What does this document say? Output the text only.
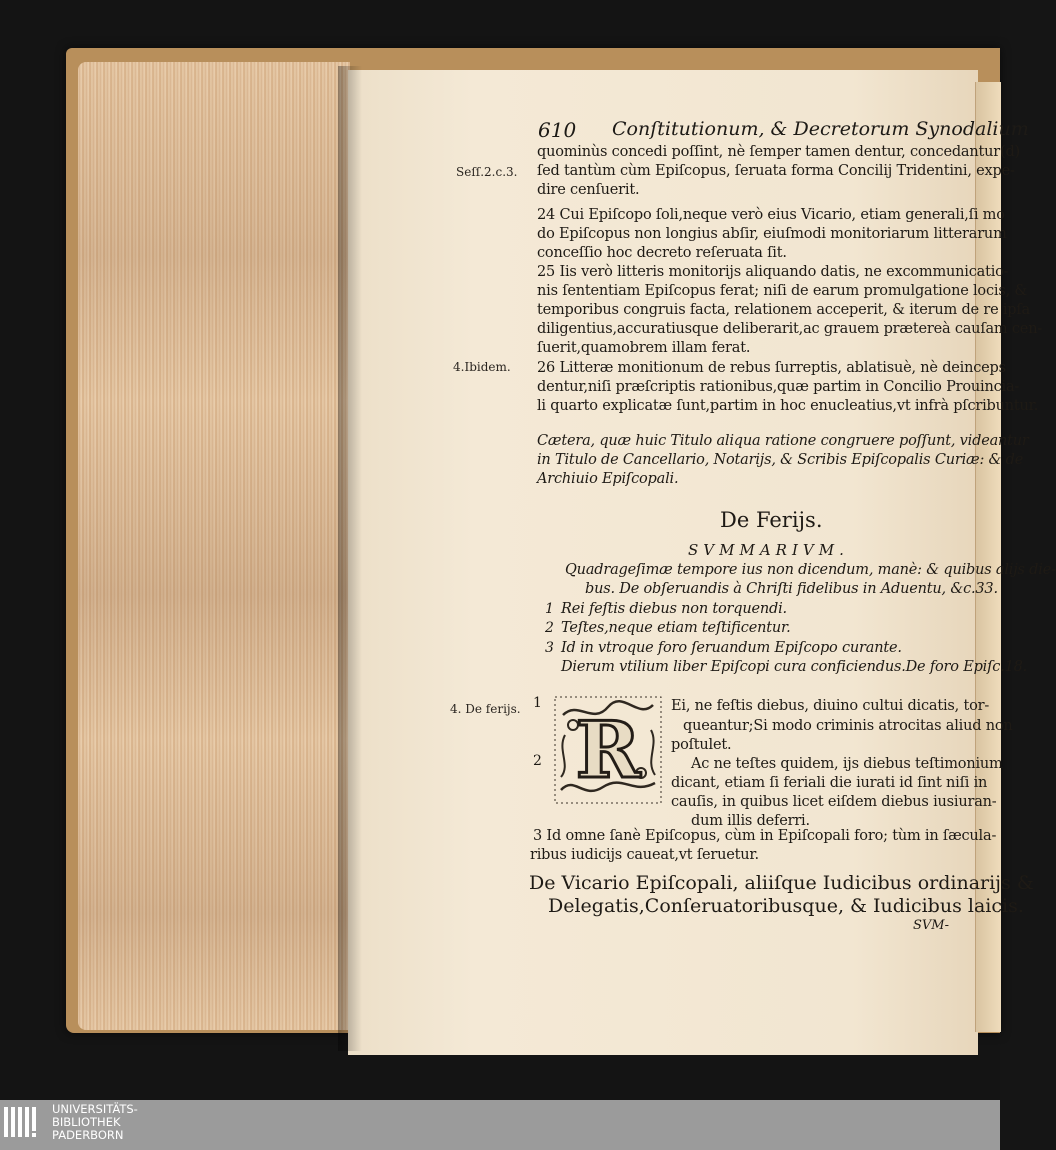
610 Conſtitutionum, & Decretorum Synodalium
Seſſ.2.c.3.
4.Ibidem.
4. De ferijs.
quominùs concedi poſſint, nè ſemper tamen dentur, concedantur(d)
ſed tantùm cùm Epiſcopus, ſeruata forma Concilij Tridentini, expe-
dire cenſuerit.
24 Cui Epiſcopo ſoli,neque verò eius Vicario, etiam generali,ſi mo
do Epiſcopus non longius abſir, eiuſmodi monitoriarum litterarum
conceſſio hoc decreto reſeruata ſit.
25 Iis verò litteris monitorijs aliquando datis, ne excommunicatio-
nis ſententiam Epiſcopus ferat; niſi de earum promulgatione locis, &
temporibus congruis facta, relationem acceperit, & iterum de re ipſa
diligentius,accuratiusque deliberarit,ac grauem prætereà cauſam cen-
ſuerit,quamobrem illam ferat.
26 Litteræ monitionum de rebus ſurreptis, ablatisuè, nè deinceps
dentur,niſi præſcriptis rationibus,quæ partim in Concilio Prouincia-
li quarto explicatæ ſunt,partim in hoc enucleatius,vt infrà pſcribuntur.
Cætera, quæ huic Titulo aliqua ratione congruere poſſunt, videantur
in Titulo de Cancellario, Notarijs, & Scribis Epiſcopalis Curiæ: & de
Archiuio Epiſcopali.
De Ferijs.
SVMMARIVM.
Quadrageſimæ tempore ius non dicendum, manè: & quibus alijs die-
bus. De obſeruandis à Chriſti fidelibus in Aduentu, &c.33.
1 Rei feſtis diebus non torquendi.
2 Teſtes,neque etiam teſtificentur.
3 Id in vtroque foro ſeruandum Epiſcopo curante.
Dierum vtilium liber Epiſcopi cura conficiendus.De foro Epiſc.18.
R
1	Ei, ne feſtis diebus, diuino cultui dicatis, tor-
queantur;Si modo criminis atrocitas aliud non
poſtulet.
2	Ac ne teſtes quidem, ijs diebus teſtimonium
dicant, etiam ſi feriali die iurati id ſint niſi in
cauſis, in quibus licet eiſdem diebus iusiuran-
dum illis deferri.
3 Id omne ſanè Epiſcopus, cùm in Epiſcopali foro; tùm in ſæcula-
ribus iudicijs caueat,vt ſeruetur.
De Vicario Epiſcopali, aliiſque Iudicibus ordinarijs &
Delegatis,Conſeruatoribusque, & Iudicibus laicis.
SVM-
UNIVERSITÄTS-
BIBLIOTHEK
PADERBORN
